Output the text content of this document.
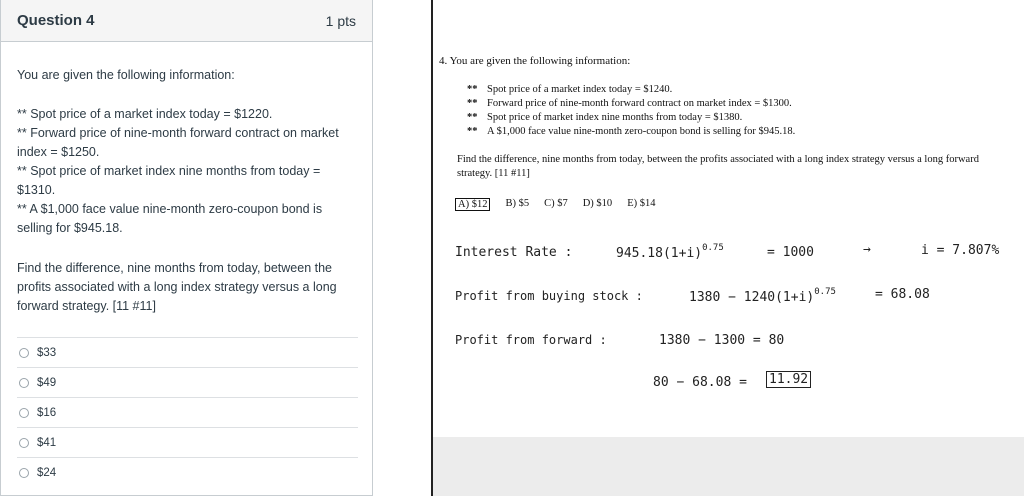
Question 4	1 pts
You are given the following information:

** Spot price of a market index today = $1220.

** Forward price of nine-month forward contract on market index = $1250.

** Spot price of market index nine months from today = $1310.

** A $1,000 face value nine-month zero-coupon bond is selling for $945.18.

Find the difference, nine months from today, between the profits associated with a long index strategy versus a long forward strategy. [11 #11]
$33
$49
$16
$41
$24
4. You are given the following information:
** Spot price of a market index today = $1240.
** Forward price of nine-month forward contract on market index = $1300.
** Spot price of market index nine months from today = $1380.
** A $1,000 face value nine-month zero-coupon bond is selling for $945.18.
Find the difference, nine months from today, between the profits associated with a long index strategy versus a long forward strategy. [11 #11]
A) $12 B) $5 C) $7 D) $10 E) $14
Interest Rate :	$945.18(1+i)^{0.75}$	= 1000	→	i = 7.807%
Profit from buying stock :	$1380 - 1240(1+i)^{0.75}$	= 68.08
Profit from forward :	1380 − 1300 = 80
80 − 68.08 = 11.92
